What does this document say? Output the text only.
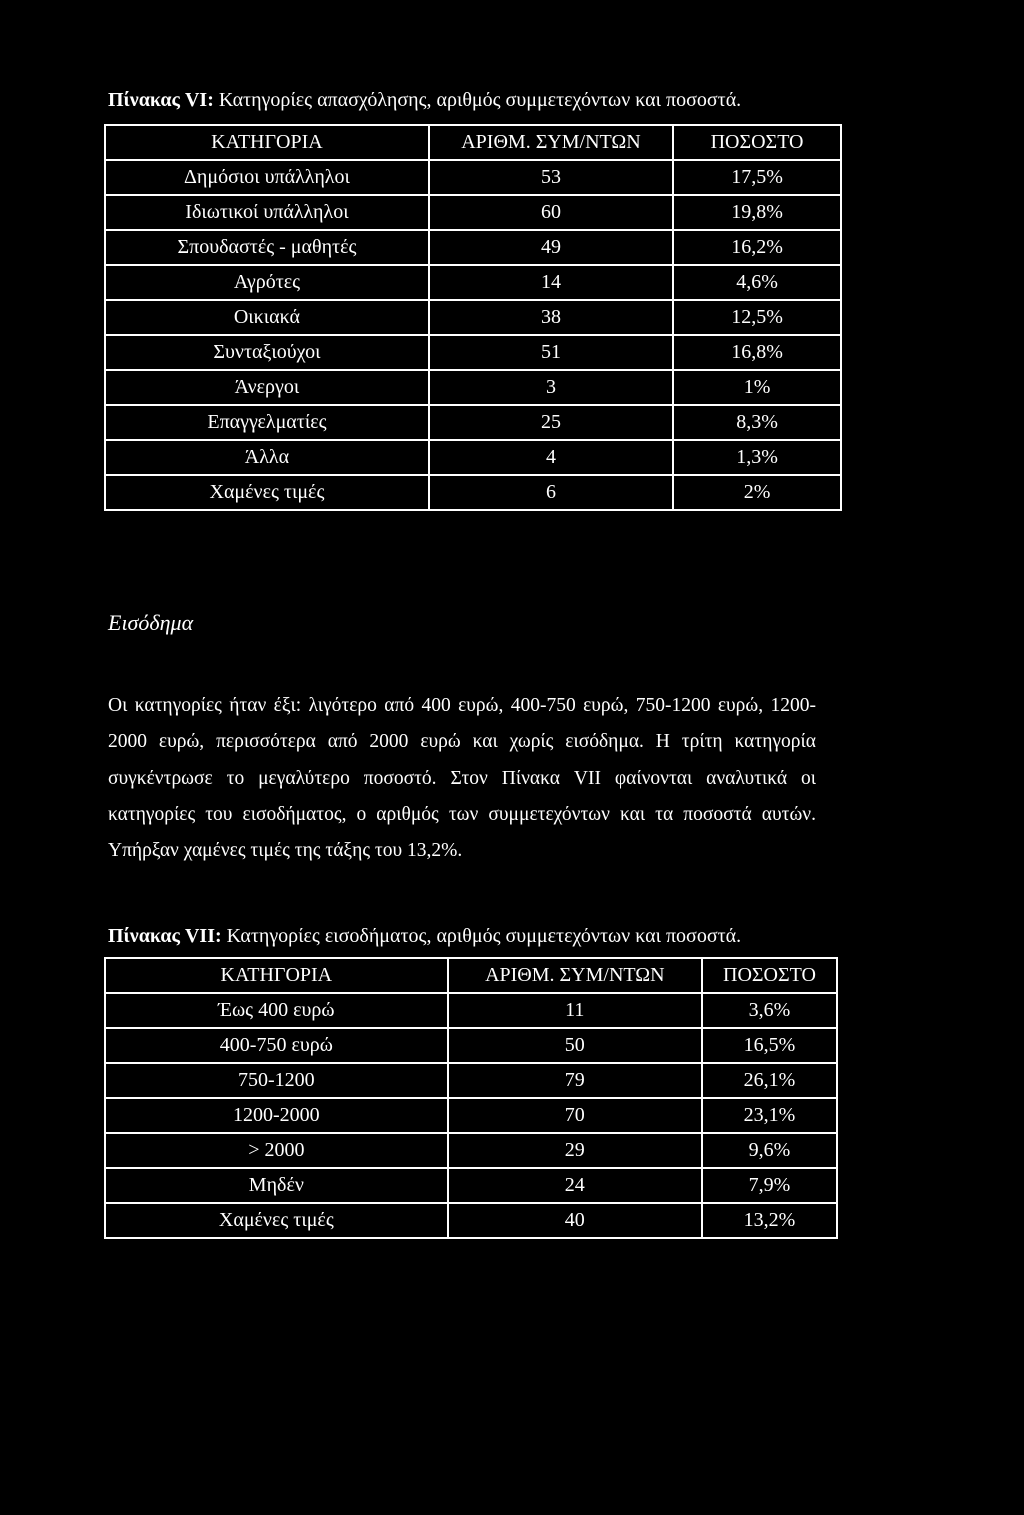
Πίνακας VI: Κατηγορίες απασχόλησης, αριθμός συμμετεχόντων και ποσοστά.

ΚΑΤΗΓΟΡΙΑ	ΑΡΙΘΜ. ΣΥΜ/ΝΤΩΝ	ΠΟΣΟΣΤΟ
Δημόσιοι υπάλληλοι	53	17,5%
Ιδιωτικοί υπάλληλοι	60	19,8%
Σπουδαστές - μαθητές	49	16,2%
Αγρότες	14	4,6%
Οικιακά	38	12,5%
Συνταξιούχοι	51	16,8%
Άνεργοι	3	1%
Επαγγελματίες	25	8,3%
Άλλα	4	1,3%
Χαμένες τιμές	6	2%
Εισόδημα

Οι κατηγορίες ήταν έξι: λιγότερο από 400 ευρώ, 400-750 ευρώ, 750-1200 ευρώ, 1200-2000 ευρώ, περισσότερα από 2000 ευρώ και χωρίς εισόδημα. Η τρίτη κατηγορία συγκέντρωσε το μεγαλύτερο ποσοστό. Στον Πίνακα VII φαίνονται αναλυτικά οι κατηγορίες του εισοδήματος, ο αριθμός των συμμετεχόντων και τα ποσοστά αυτών. Υπήρξαν χαμένες τιμές της τάξης του 13,2%.

Πίνακας VII: Κατηγορίες εισοδήματος, αριθμός συμμετεχόντων και ποσοστά.

ΚΑΤΗΓΟΡΙΑ	ΑΡΙΘΜ. ΣΥΜ/ΝΤΩΝ	ΠΟΣΟΣΤΟ
Έως 400 ευρώ	11	3,6%
400-750 ευρώ	50	16,5%
750-1200	79	26,1%
1200-2000	70	23,1%
> 2000	29	9,6%
Μηδέν	24	7,9%
Χαμένες τιμές	40	13,2%
